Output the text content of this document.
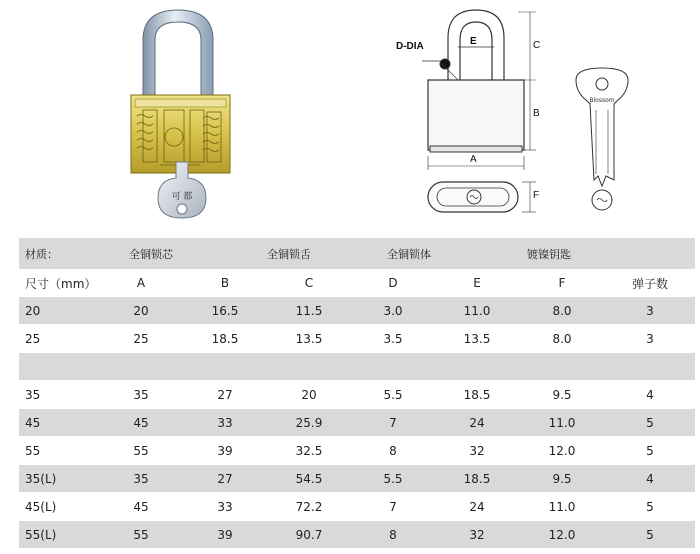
可 都
Blossom
D-DIA	E	C
B
A
F
材质：	全铜锁芯		全铜锁舌	全铜锁体		镀镍钥匙	
尺寸（mm）	A	B	C	D	E	F	弹子数
20	20	16.5	11.5	3.0	11.0	8.0	3
25	25	18.5	13.5	3.5	13.5	8.0	3

35	35	27	20	5.5	18.5	9.5	4
45	45	33	25.9	7	24	11.0	5
55	55	39	32.5	8	32	12.0	5
35(L)	35	27	54.5	5.5	18.5	9.5	4
45(L)	45	33	72.2	7	24	11.0	5
55(L)	55	39	90.7	8	32	12.0	5
